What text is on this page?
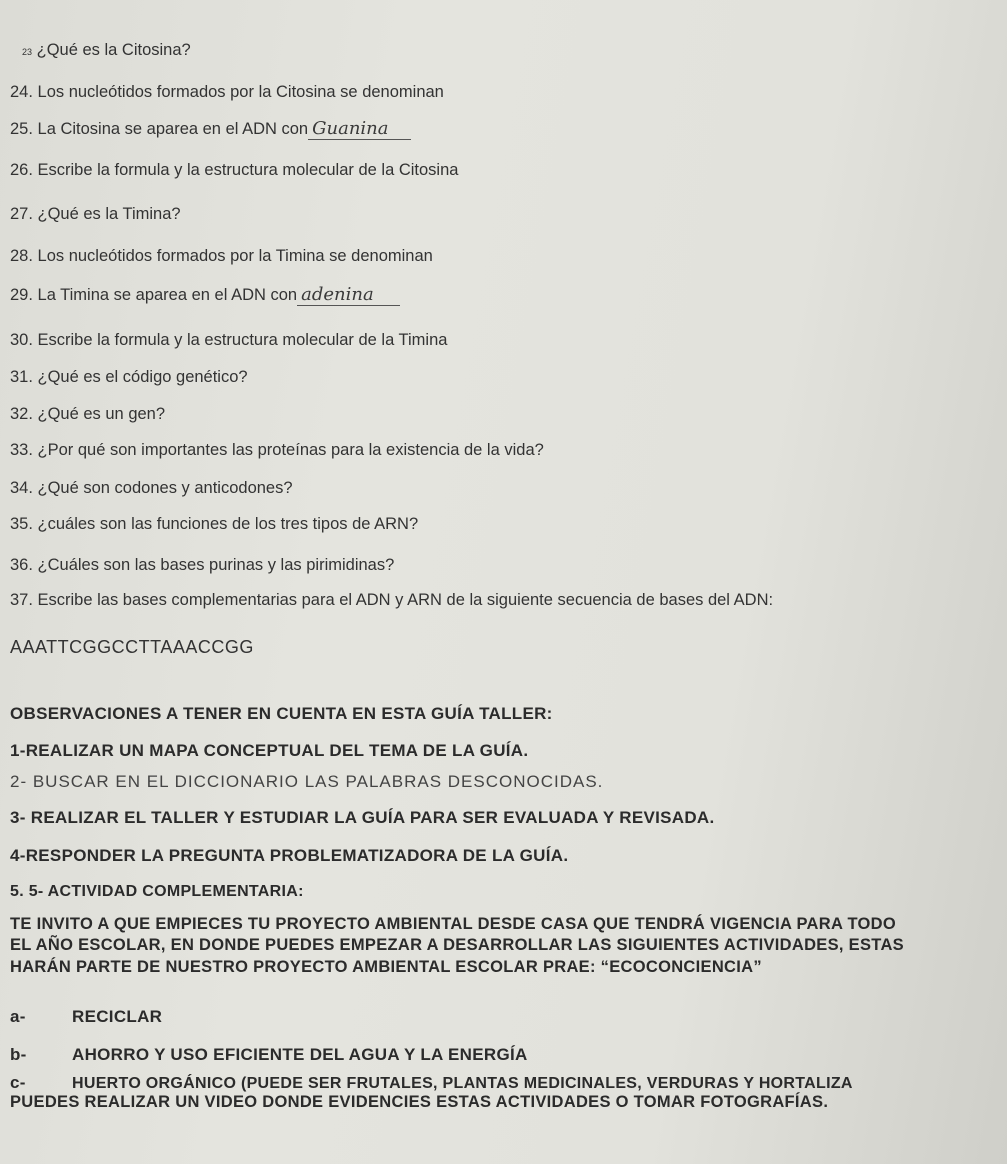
23 ¿Qué es la Citosina?
24. Los nucleótidos formados por la Citosina se denominan
25. La Citosina se aparea en el ADN con Guanina
26. Escribe la formula y la estructura molecular de la Citosina
27. ¿Qué es la Timina?
28. Los nucleótidos formados por la Timina se denominan
29. La Timina se aparea en el ADN con adenina
30. Escribe la formula y la estructura molecular de la Timina
31. ¿Qué es el código genético?
32. ¿Qué es un gen?
33. ¿Por qué son importantes las proteínas para la existencia de la vida?
34. ¿Qué son codones y anticodones?
35. ¿cuáles son las funciones de los tres tipos de ARN?
36. ¿Cuáles son las bases purinas y las pirimidinas?
37. Escribe las bases complementarias para el ADN y ARN de la siguiente secuencia de bases del ADN:
AAATTCGGCCTTAAACCGG
OBSERVACIONES A TENER EN CUENTA EN ESTA GUÍA TALLER:
1-REALIZAR UN MAPA CONCEPTUAL DEL TEMA DE LA GUÍA.
2- BUSCAR EN EL DICCIONARIO LAS PALABRAS DESCONOCIDAS.
3- REALIZAR EL TALLER Y ESTUDIAR LA GUÍA PARA SER EVALUADA Y REVISADA.
4-RESPONDER LA PREGUNTA PROBLEMATIZADORA DE LA GUÍA.
5. 5- ACTIVIDAD COMPLEMENTARIA:
TE INVITO A QUE EMPIECES TU PROYECTO AMBIENTAL DESDE CASA QUE TENDRÁ VIGENCIA PARA TODO
EL AÑO ESCOLAR, EN DONDE PUEDES EMPEZAR A DESARROLLAR LAS SIGUIENTES ACTIVIDADES, ESTAS
HARÁN PARTE DE NUESTRO PROYECTO AMBIENTAL ESCOLAR PRAE: “ECOCONCIENCIA”
a-	RECICLAR
b-	AHORRO Y USO EFICIENTE DEL AGUA Y LA ENERGÍA
c-	HUERTO ORGÁNICO (PUEDE SER FRUTALES, PLANTAS MEDICINALES, VERDURAS Y HORTALIZA
PUEDES REALIZAR UN VIDEO DONDE EVIDENCIES ESTAS ACTIVIDADES O TOMAR FOTOGRAFÍAS.
